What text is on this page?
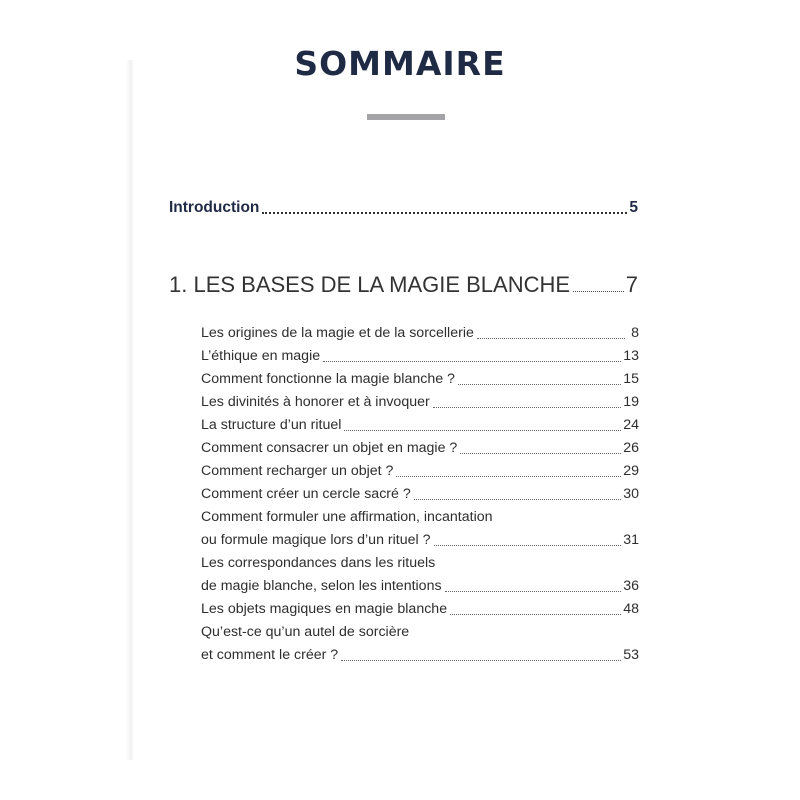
SOMMAIRE
Introduction	5
1. LES BASES DE LA MAGIE BLANCHE	7
Les origines de la magie et de la sorcellerie	8
L’éthique en magie	13
Comment fonctionne la magie blanche ?	15
Les divinités à honorer et à invoquer	19
La structure d’un rituel	24
Comment consacrer un objet en magie ?	26
Comment recharger un objet ?	29
Comment créer un cercle sacré ?	30
Comment formuler une affirmation, incantation
ou formule magique lors d’un rituel ?	31
Les correspondances dans les rituels
de magie blanche, selon les intentions	36
Les objets magiques en magie blanche	48
Qu’est-ce qu’un autel de sorcière
et comment le créer ?	53
